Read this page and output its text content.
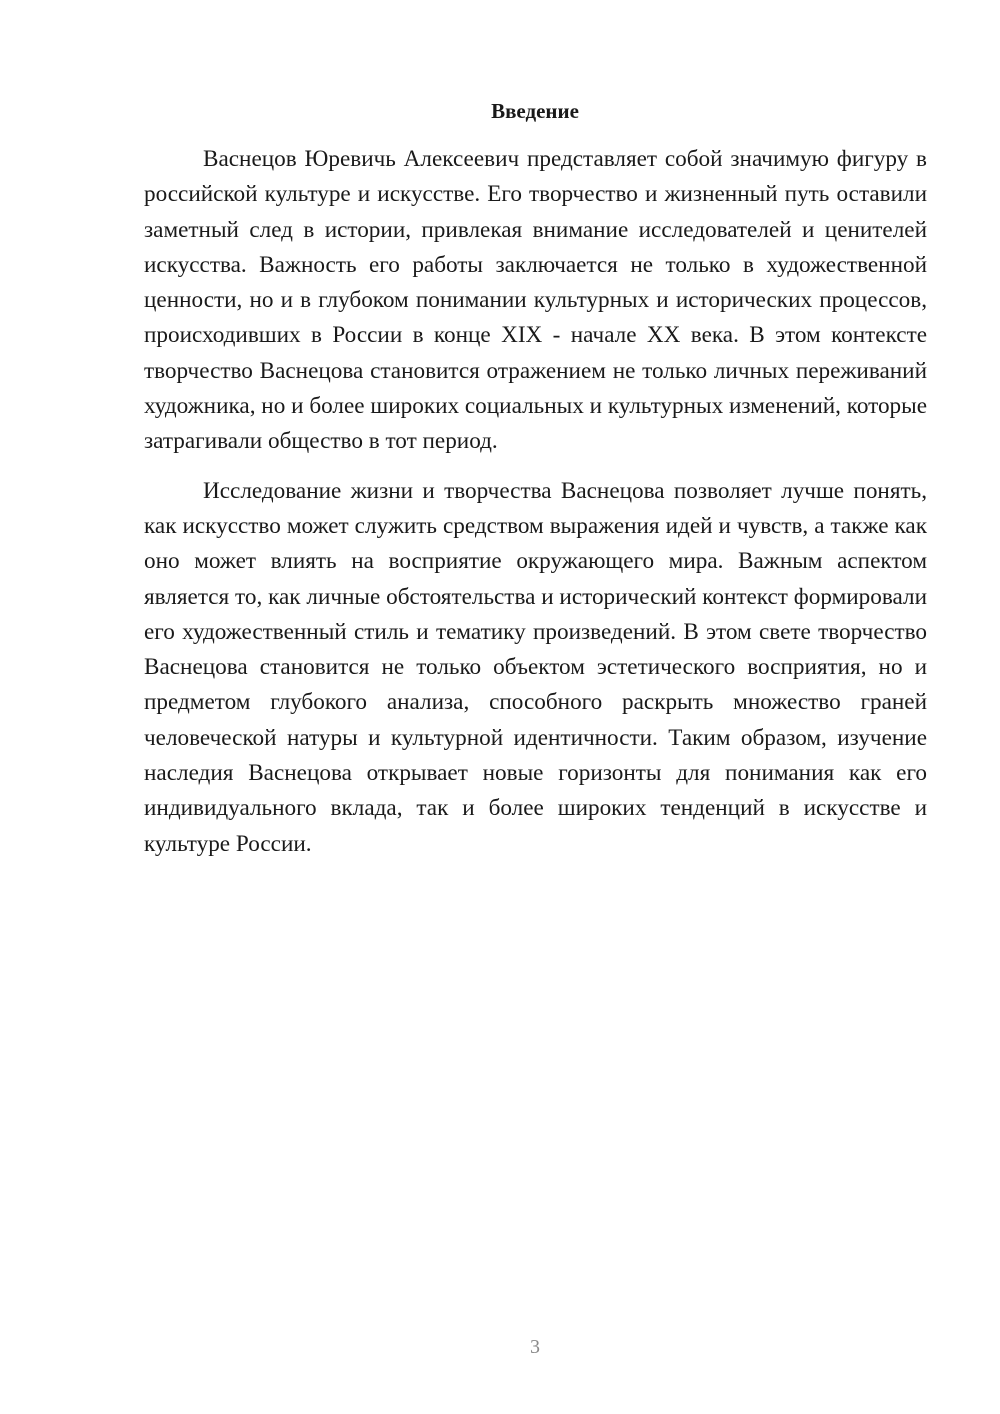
Введение

Васнецов Юревичь Алексеевич представляет собой значимую фигуру в российской культуре и искусстве. Его творчество и жизненный путь оставили заметный след в истории, привлекая внимание исследователей и ценителей искусства. Важность его работы заключается не только в художественной ценности, но и в глубоком понимании культурных и исторических процессов, происходивших в России в конце XIX - начале XX века. В этом контексте творчество Васнецова становится отражением не только личных переживаний художника, но и более широких социальных и культурных изменений, которые затрагивали общество в тот период.

Исследование жизни и творчества Васнецова позволяет лучше понять, как искусство может служить средством выражения идей и чувств, а также как оно может влиять на восприятие окружающего мира. Важным аспектом является то, как личные обстоятельства и исторический контекст формировали его художественный стиль и тематику произведений. В этом свете творчество Васнецова становится не только объектом эстетического восприятия, но и предметом глубокого анализа, способного раскрыть множество граней человеческой натуры и культурной идентичности. Таким образом, изучение наследия Васнецова открывает новые горизонты для понимания как его индивидуального вклада, так и более широких тенденций в искусстве и культуре России.

3
